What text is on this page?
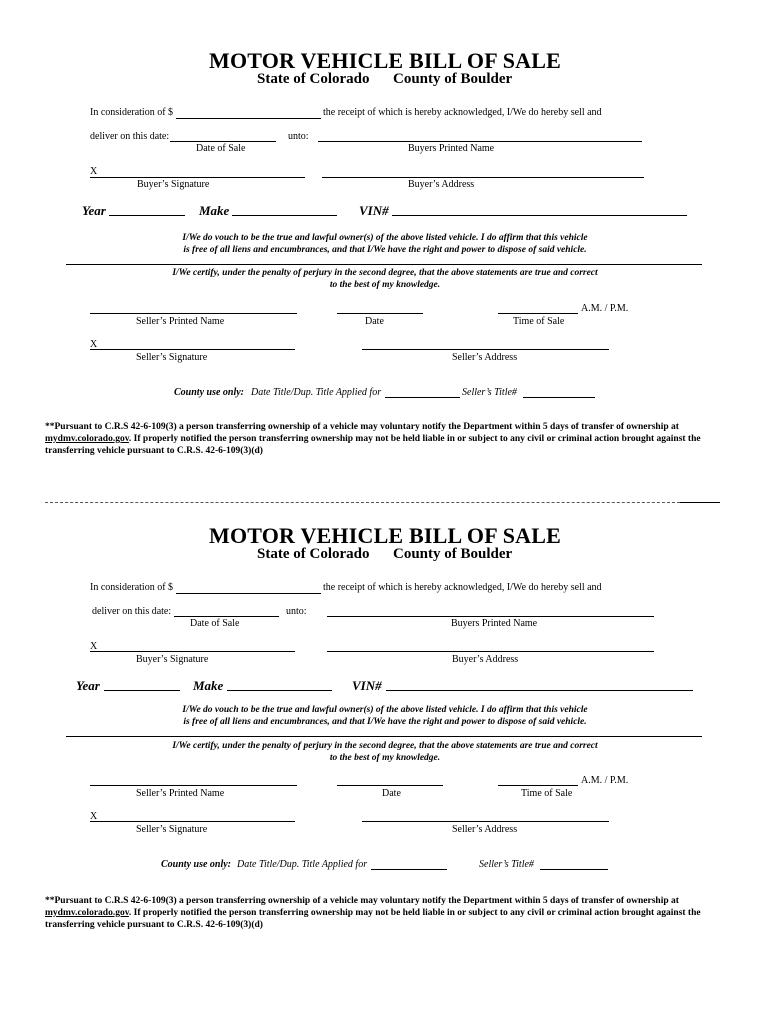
MOTOR VEHICLE BILL OF SALE
State of Colorado County of Boulder
In consideration of $	the receipt of which is hereby acknowledged, I/We do hereby sell and
deliver on this date:	unto:
Date of Sale	Buyers Printed Name
X
Buyer’s Signature	Buyer’s Address
Year	Make	VIN#
I/We do vouch to be the true and lawful owner(s) of the above listed vehicle. I do affirm that this vehicle
is free of all liens and encumbrances, and that I/We have the right and power to dispose of said vehicle.
I/We certify, under the penalty of perjury in the second degree, that the above statements are true and correct
to the best of my knowledge.
A.M. / P.M.
Seller’s Printed Name	Date	Time of Sale
X
Seller’s Signature	Seller’s Address
County use only: Date Title/Dup. Title Applied for	Seller’s Title#
**Pursuant to C.R.S 42-6-109(3) a person transferring ownership of a vehicle may voluntary notify the Department within 5 days of transfer of ownership at mydmv.colorado.gov. If properly notified the person transferring ownership may not be held liable in or subject to any civil or criminal action brought against the transferring vehicle pursuant to C.R.S. 42-6-109(3)(d)
MOTOR VEHICLE BILL OF SALE
State of Colorado County of Boulder
In consideration of $	the receipt of which is hereby acknowledged, I/We do hereby sell and
deliver on this date:	unto:
Date of Sale	Buyers Printed Name
X
Buyer’s Signature	Buyer’s Address
Year	Make	VIN#
I/We do vouch to be the true and lawful owner(s) of the above listed vehicle. I do affirm that this vehicle
is free of all liens and encumbrances, and that I/We have the right and power to dispose of said vehicle.
I/We certify, under the penalty of perjury in the second degree, that the above statements are true and correct
to the best of my knowledge.
A.M. / P.M.
Seller’s Printed Name	Date	Time of Sale
X
Seller’s Signature	Seller’s Address
County use only: Date Title/Dup. Title Applied for	Seller’s Title#
**Pursuant to C.R.S 42-6-109(3) a person transferring ownership of a vehicle may voluntary notify the Department within 5 days of transfer of ownership at mydmv.colorado.gov. If properly notified the person transferring ownership may not be held liable in or subject to any civil or criminal action brought against the transferring vehicle pursuant to C.R.S. 42-6-109(3)(d)
